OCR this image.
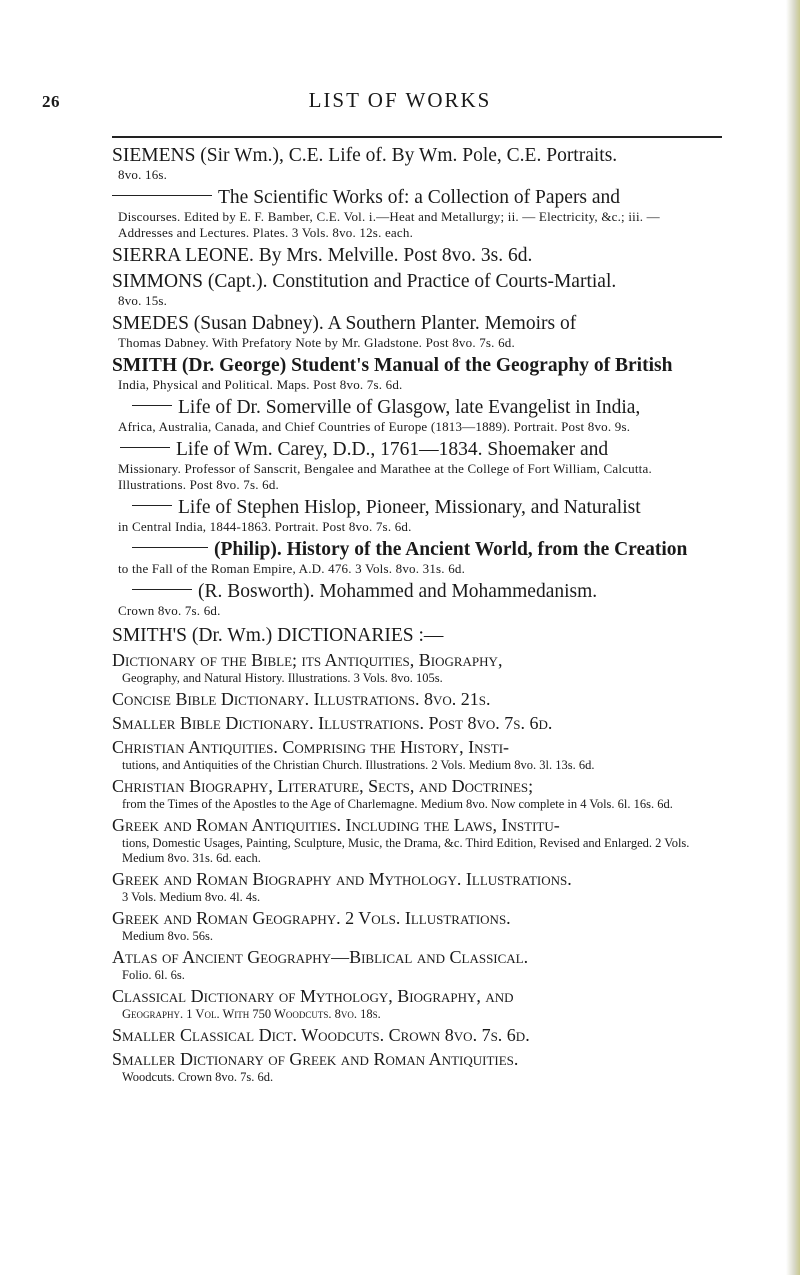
26	LIST OF WORKS
SIEMENS (Sir Wm.), C.E. Life of. By Wm. Pole, C.E. Portraits.
8vo. 16s.
The Scientific Works of: a Collection of Papers and
Discourses. Edited by E. F. Bamber, C.E. Vol. i.—Heat and Metallurgy; ii. — Electricity, &c.; iii. — Addresses and Lectures. Plates. 3 Vols. 8vo. 12s. each.
SIERRA LEONE. By Mrs. Melville. Post 8vo. 3s. 6d.
SIMMONS (Capt.). Constitution and Practice of Courts-Martial.
8vo. 15s.
SMEDES (Susan Dabney). A Southern Planter. Memoirs of
Thomas Dabney. With Prefatory Note by Mr. Gladstone. Post 8vo. 7s. 6d.
SMITH (Dr. George) Student's Manual of the Geography of British
India, Physical and Political. Maps. Post 8vo. 7s. 6d.
Life of Dr. Somerville of Glasgow, late Evangelist in India,
Africa, Australia, Canada, and Chief Countries of Europe (1813—1889). Portrait. Post 8vo. 9s.
Life of Wm. Carey, D.D., 1761—1834. Shoemaker and
Missionary. Professor of Sanscrit, Bengalee and Marathee at the College of Fort William, Calcutta. Illustrations. Post 8vo. 7s. 6d.
Life of Stephen Hislop, Pioneer, Missionary, and Naturalist
in Central India, 1844-1863. Portrait. Post 8vo. 7s. 6d.
(Philip). History of the Ancient World, from the Creation
to the Fall of the Roman Empire, A.D. 476. 3 Vols. 8vo. 31s. 6d.
(R. Bosworth). Mohammed and Mohammedanism.
Crown 8vo. 7s. 6d.
SMITH'S (Dr. Wm.) DICTIONARIES :—
Dictionary of the Bible; its Antiquities, Biography,
Geography, and Natural History. Illustrations. 3 Vols. 8vo. 105s.
Concise Bible Dictionary. Illustrations. 8vo. 21s.
Smaller Bible Dictionary. Illustrations. Post 8vo. 7s. 6d.
Christian Antiquities. Comprising the History, Insti-
tutions, and Antiquities of the Christian Church. Illustrations. 2 Vols. Medium 8vo. 3l. 13s. 6d.
Christian Biography, Literature, Sects, and Doctrines;
from the Times of the Apostles to the Age of Charlemagne. Medium 8vo. Now complete in 4 Vols. 6l. 16s. 6d.
Greek and Roman Antiquities. Including the Laws, Institu-
tions, Domestic Usages, Painting, Sculpture, Music, the Drama, &c. Third Edition, Revised and Enlarged. 2 Vols. Medium 8vo. 31s. 6d. each.
Greek and Roman Biography and Mythology. Illustrations.
3 Vols. Medium 8vo. 4l. 4s.
Greek and Roman Geography. 2 Vols. Illustrations.
Medium 8vo. 56s.
Atlas of Ancient Geography—Biblical and Classical.
Folio. 6l. 6s.
Classical Dictionary of Mythology, Biography, and
Geography. 1 Vol. With 750 Woodcuts. 8vo. 18s.
Smaller Classical Dict. Woodcuts. Crown 8vo. 7s. 6d.
Smaller Dictionary of Greek and Roman Antiquities.
Woodcuts. Crown 8vo. 7s. 6d.
